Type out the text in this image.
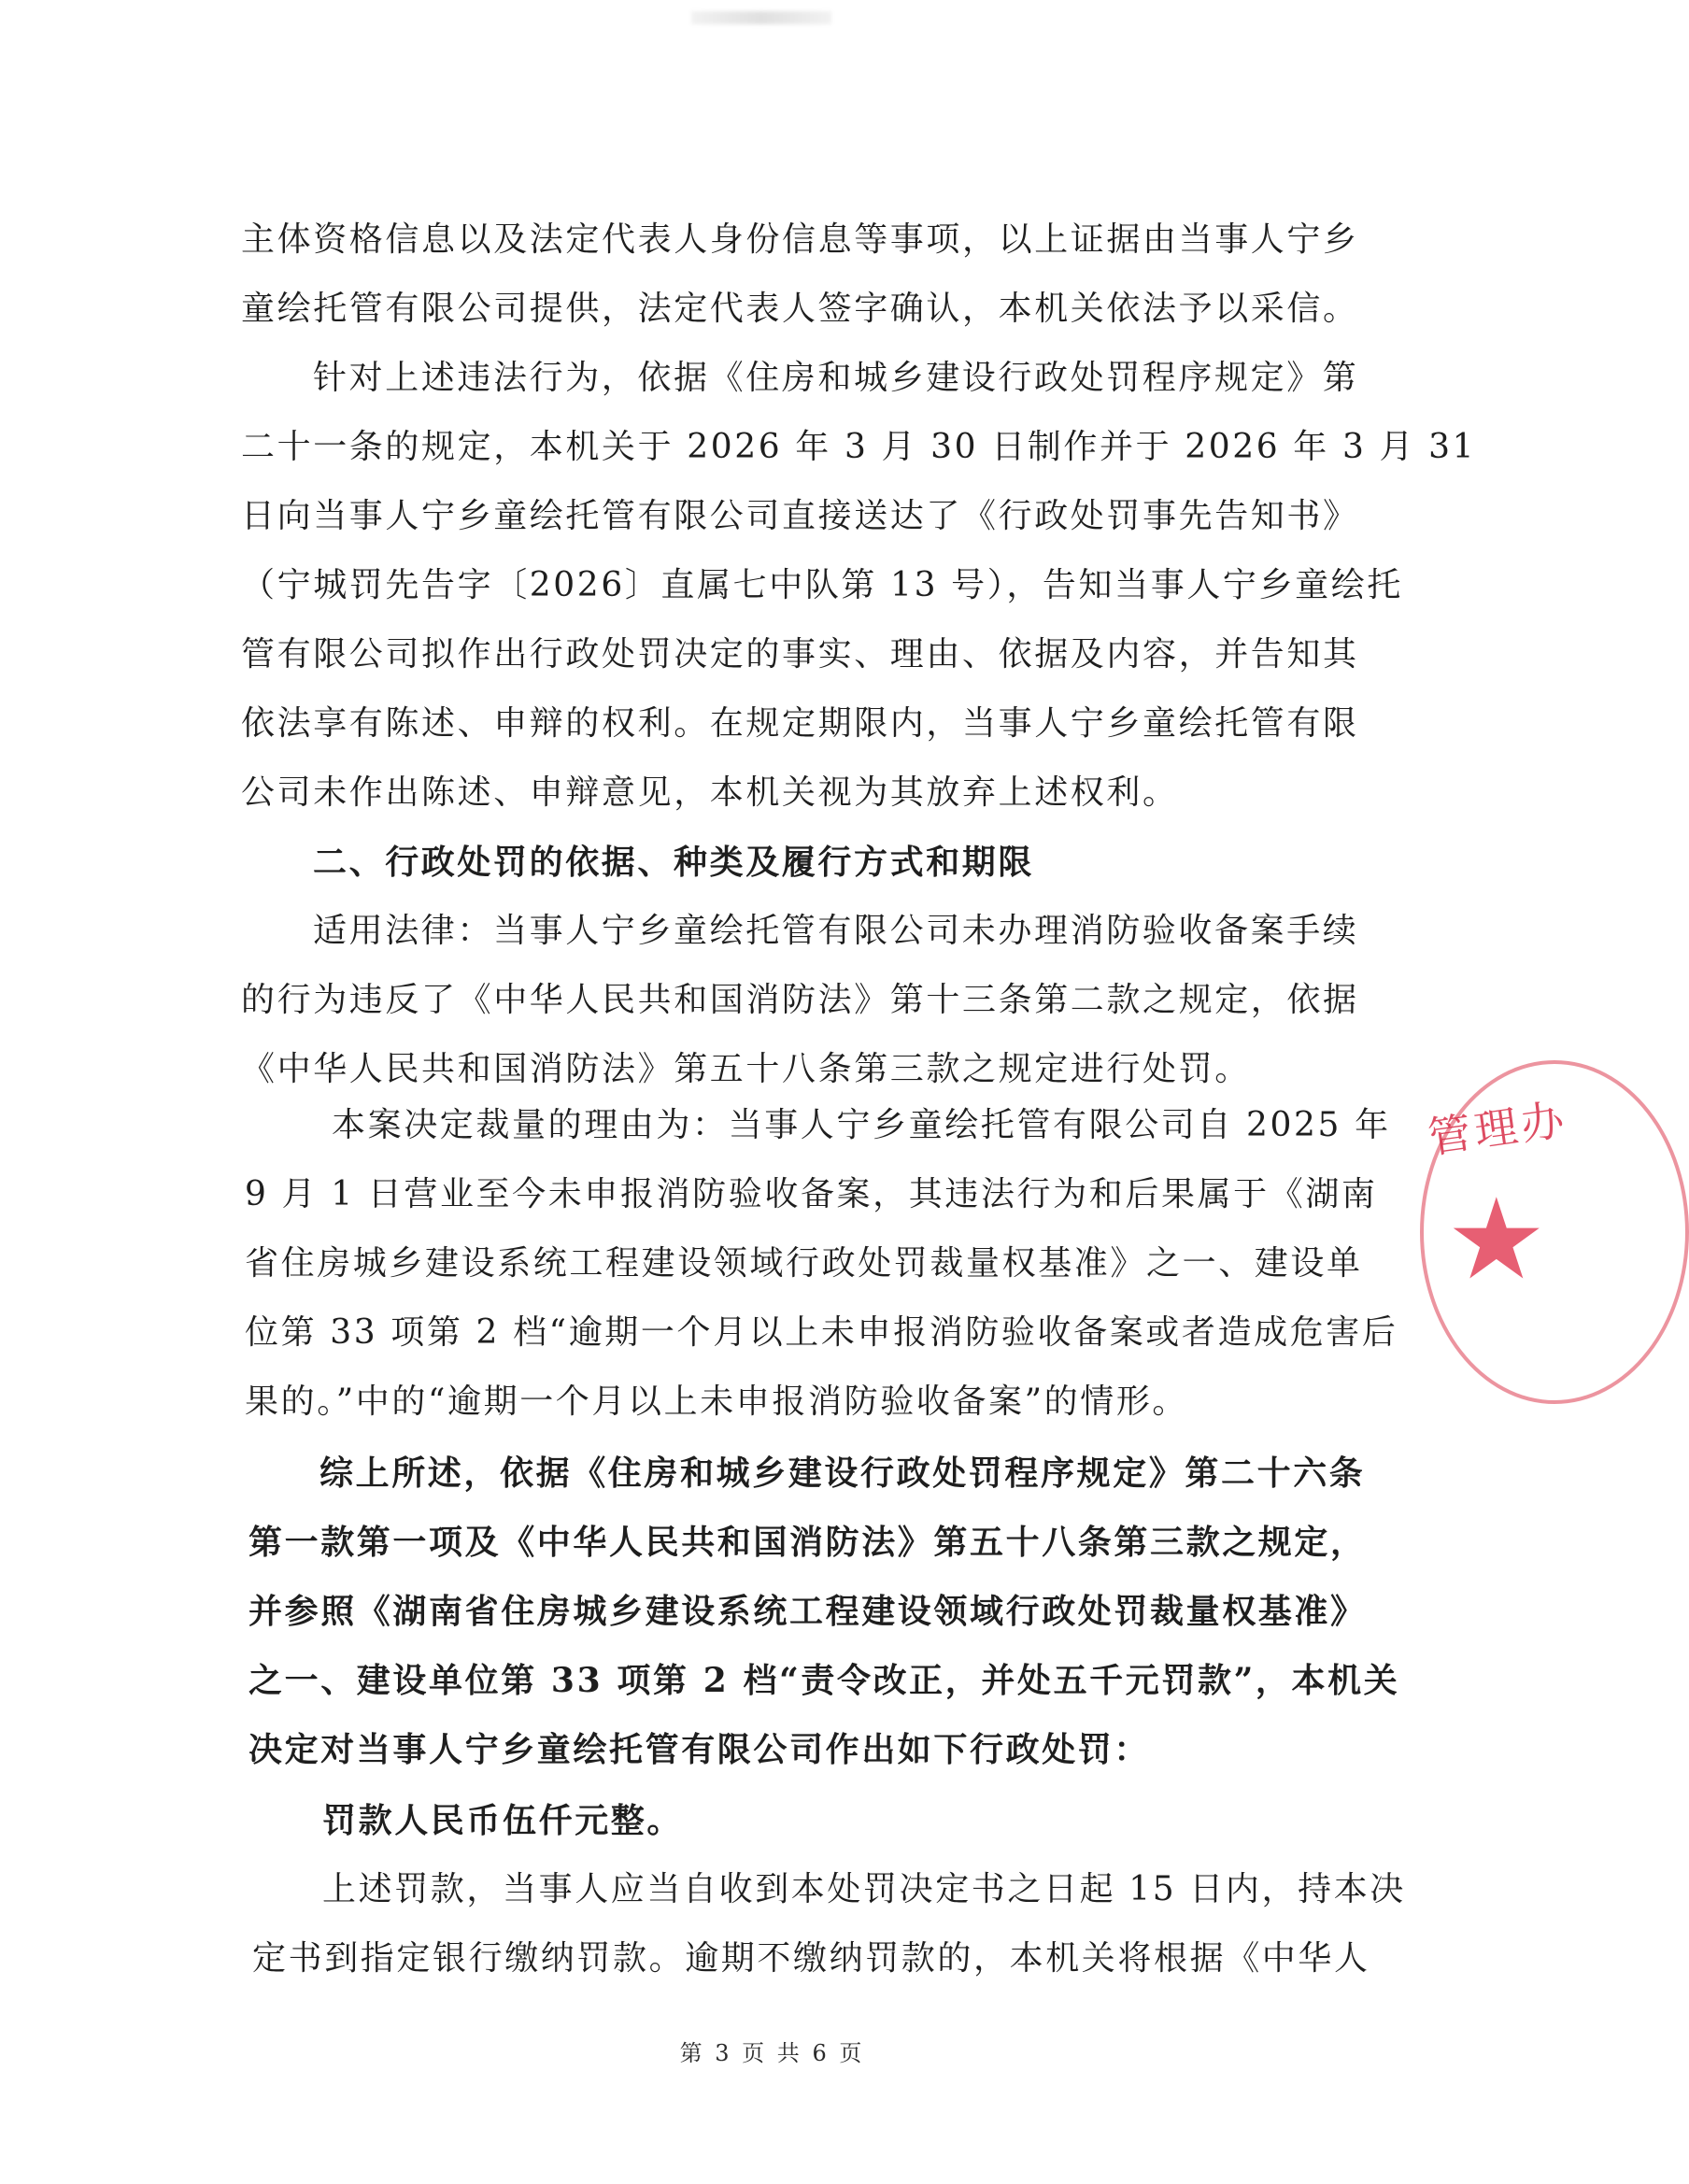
主体资格信息以及法定代表人身份信息等事项，以上证据由当事人宁乡
童绘托管有限公司提供，法定代表人签字确认，本机关依法予以采信。
针对上述违法行为，依据《住房和城乡建设行政处罚程序规定》第
二十一条的规定，本机关于 2026 年 3 月 30 日制作并于 2026 年 3 月 31
日向当事人宁乡童绘托管有限公司直接送达了《行政处罚事先告知书》
（宁城罚先告字〔2026〕直属七中队第 13 号），告知当事人宁乡童绘托
管有限公司拟作出行政处罚决定的事实、理由、依据及内容，并告知其
依法享有陈述、申辩的权利。在规定期限内，当事人宁乡童绘托管有限
公司未作出陈述、申辩意见，本机关视为其放弃上述权利。
二、行政处罚的依据、种类及履行方式和期限
适用法律：当事人宁乡童绘托管有限公司未办理消防验收备案手续
的行为违反了《中华人民共和国消防法》第十三条第二款之规定，依据
《中华人民共和国消防法》第五十八条第三款之规定进行处罚。
本案决定裁量的理由为：当事人宁乡童绘托管有限公司自 2025 年
9 月 1 日营业至今未申报消防验收备案，其违法行为和后果属于《湖南
省住房城乡建设系统工程建设领域行政处罚裁量权基准》之一、建设单
位第 33 项第 2 档“逾期一个月以上未申报消防验收备案或者造成危害后
果的。”中的“逾期一个月以上未申报消防验收备案”的情形。
综上所述，依据《住房和城乡建设行政处罚程序规定》第二十六条
第一款第一项及《中华人民共和国消防法》第五十八条第三款之规定，
并参照《湖南省住房城乡建设系统工程建设领域行政处罚裁量权基准》
之一、建设单位第 33 项第 2 档“责令改正，并处五千元罚款”，本机关
决定对当事人宁乡童绘托管有限公司作出如下行政处罚：
罚款人民币伍仟元整。
上述罚款，当事人应当自收到本处罚决定书之日起 15 日内，持本决
定书到指定银行缴纳罚款。逾期不缴纳罚款的，本机关将根据《中华人
管理办
★
第 3 页 共 6 页
